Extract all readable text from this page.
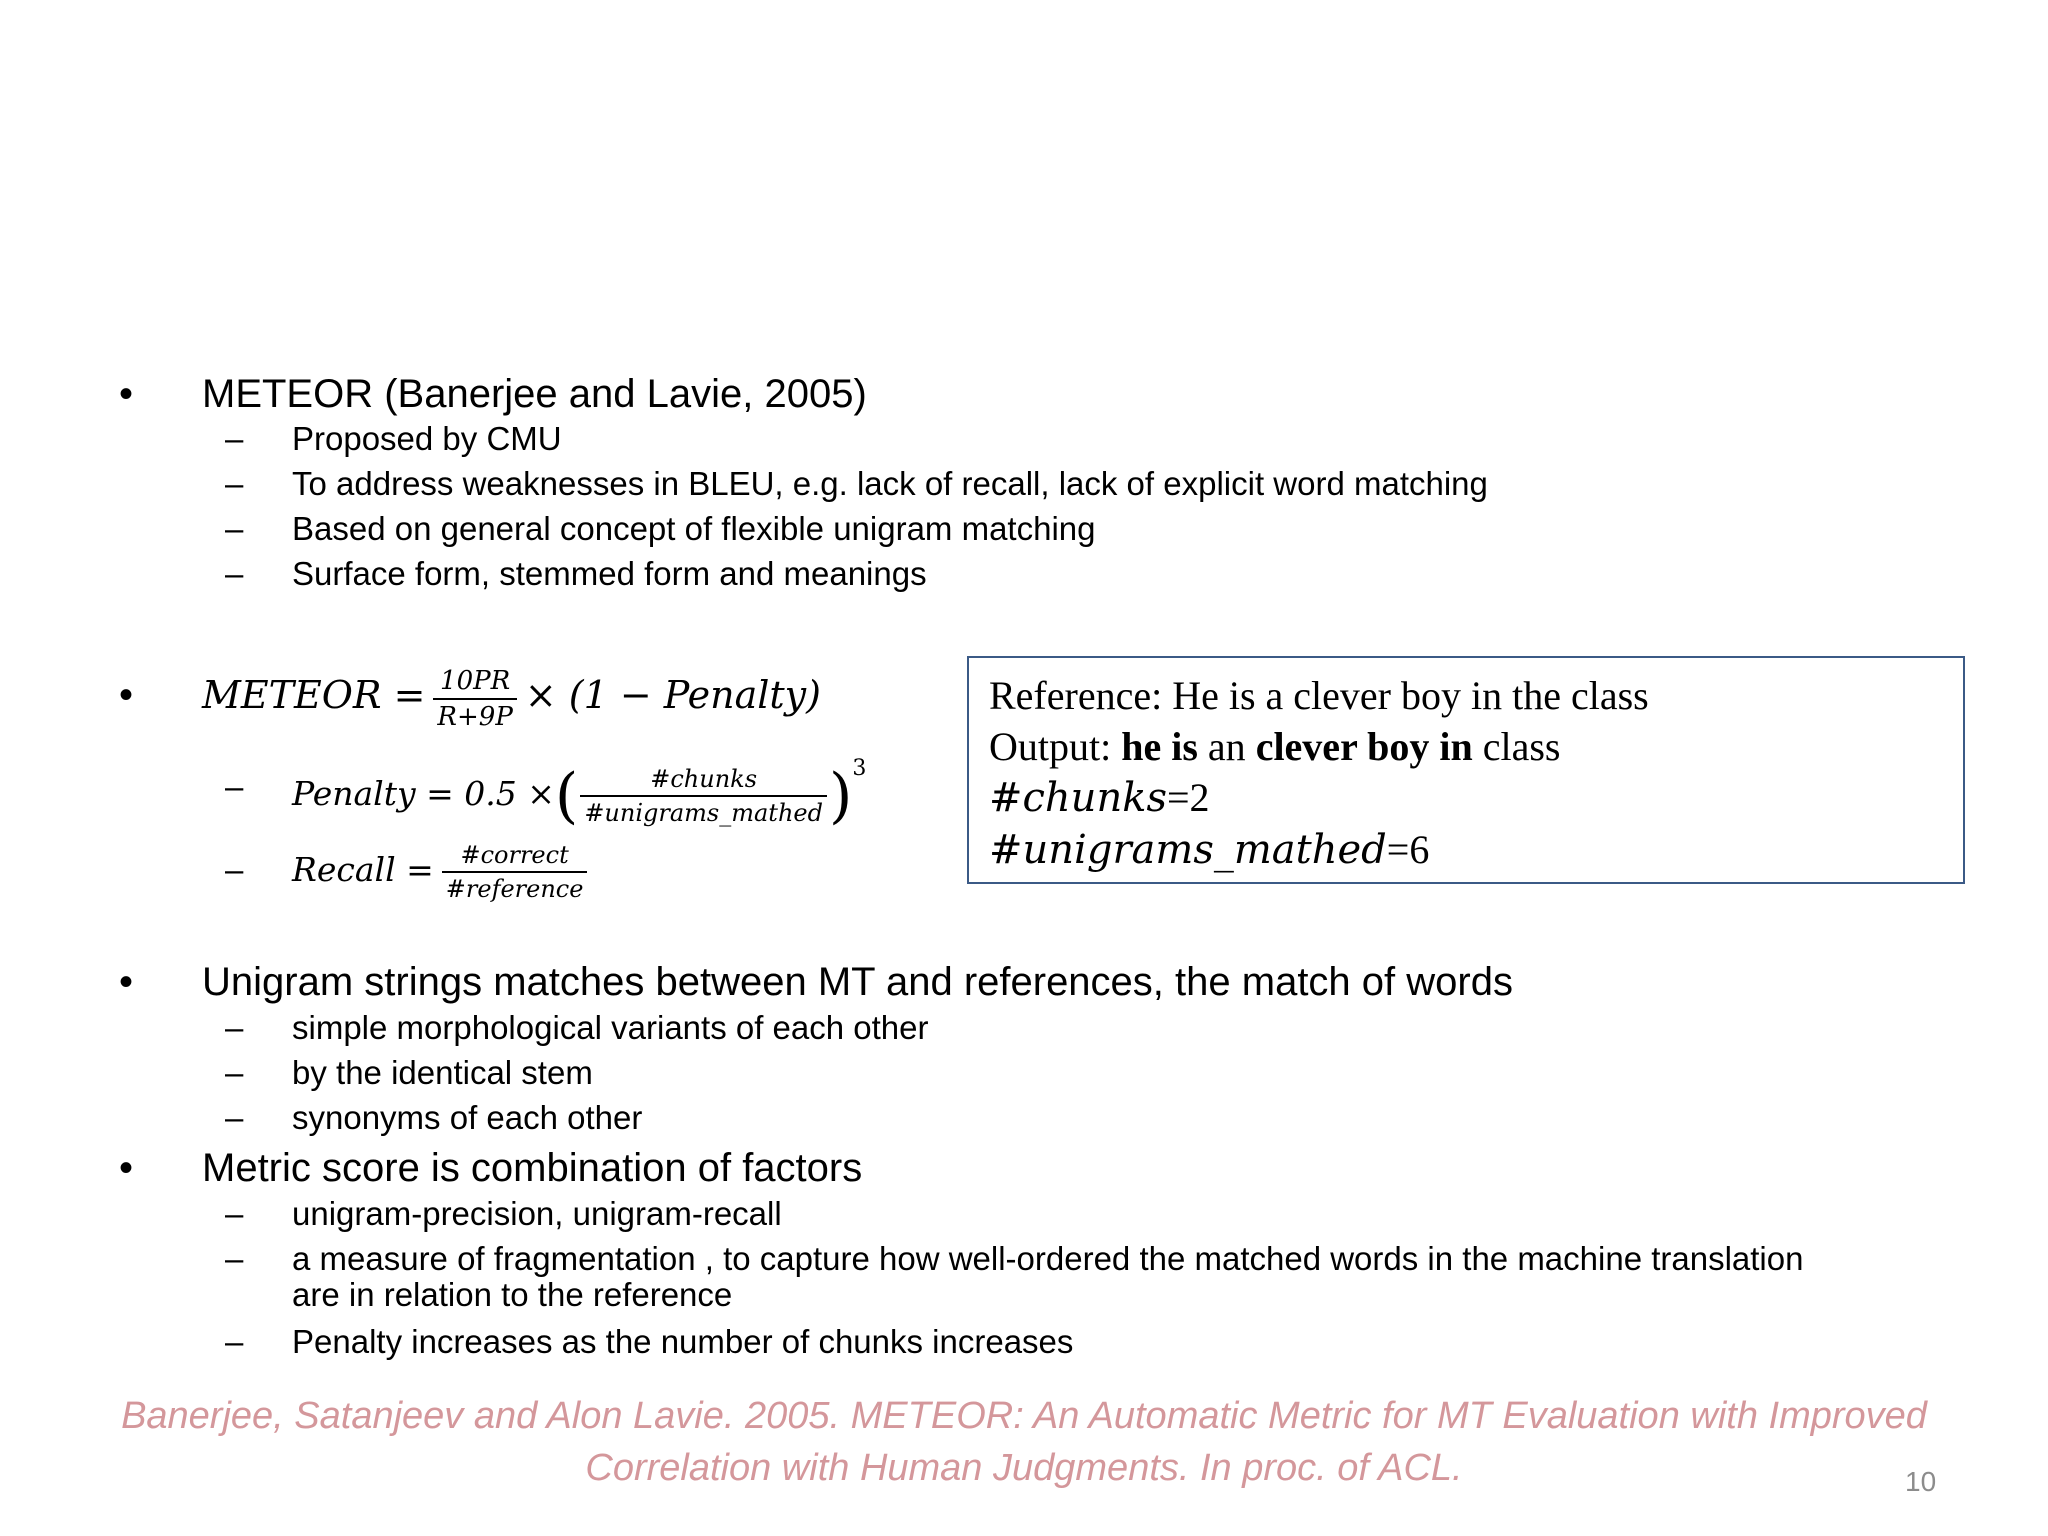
•	METEOR (Banerjee and Lavie, 2005)
–	Proposed by CMU
–	To address weaknesses in BLEU, e.g. lack of recall, lack of explicit word matching
–	Based on general concept of flexible unigram matching
–	Surface form, stemmed form and meanings
•	METEOR = $\frac{10PR}{R+9P} \times (1$ − Penalty)
–	Penalty = 0.5 ×( $\frac{\text{\#chunks}}{\text{\#unigrams\_mathed}} )^3$
–	Recall = $\frac{\text{\#correct}}{\text{\#reference}}$
Reference: He is a clever boy in the class
Output: he is an clever boy in class
#chunks=2
#unigrams_mathed=6
•	Unigram strings matches between MT and references, the match of words
–	simple morphological variants of each other
–	by the identical stem
–	synonyms of each other
•	Metric score is combination of factors
–	unigram-precision, unigram-recall
–	a measure of fragmentation , to capture how well-ordered the matched words in the machine translation
are in relation to the reference
–	Penalty increases as the number of chunks increases
Banerjee, Satanjeev and Alon Lavie. 2005. METEOR: An Automatic Metric for MT Evaluation with Improved
Correlation with Human Judgments. In proc. of ACL.	10
